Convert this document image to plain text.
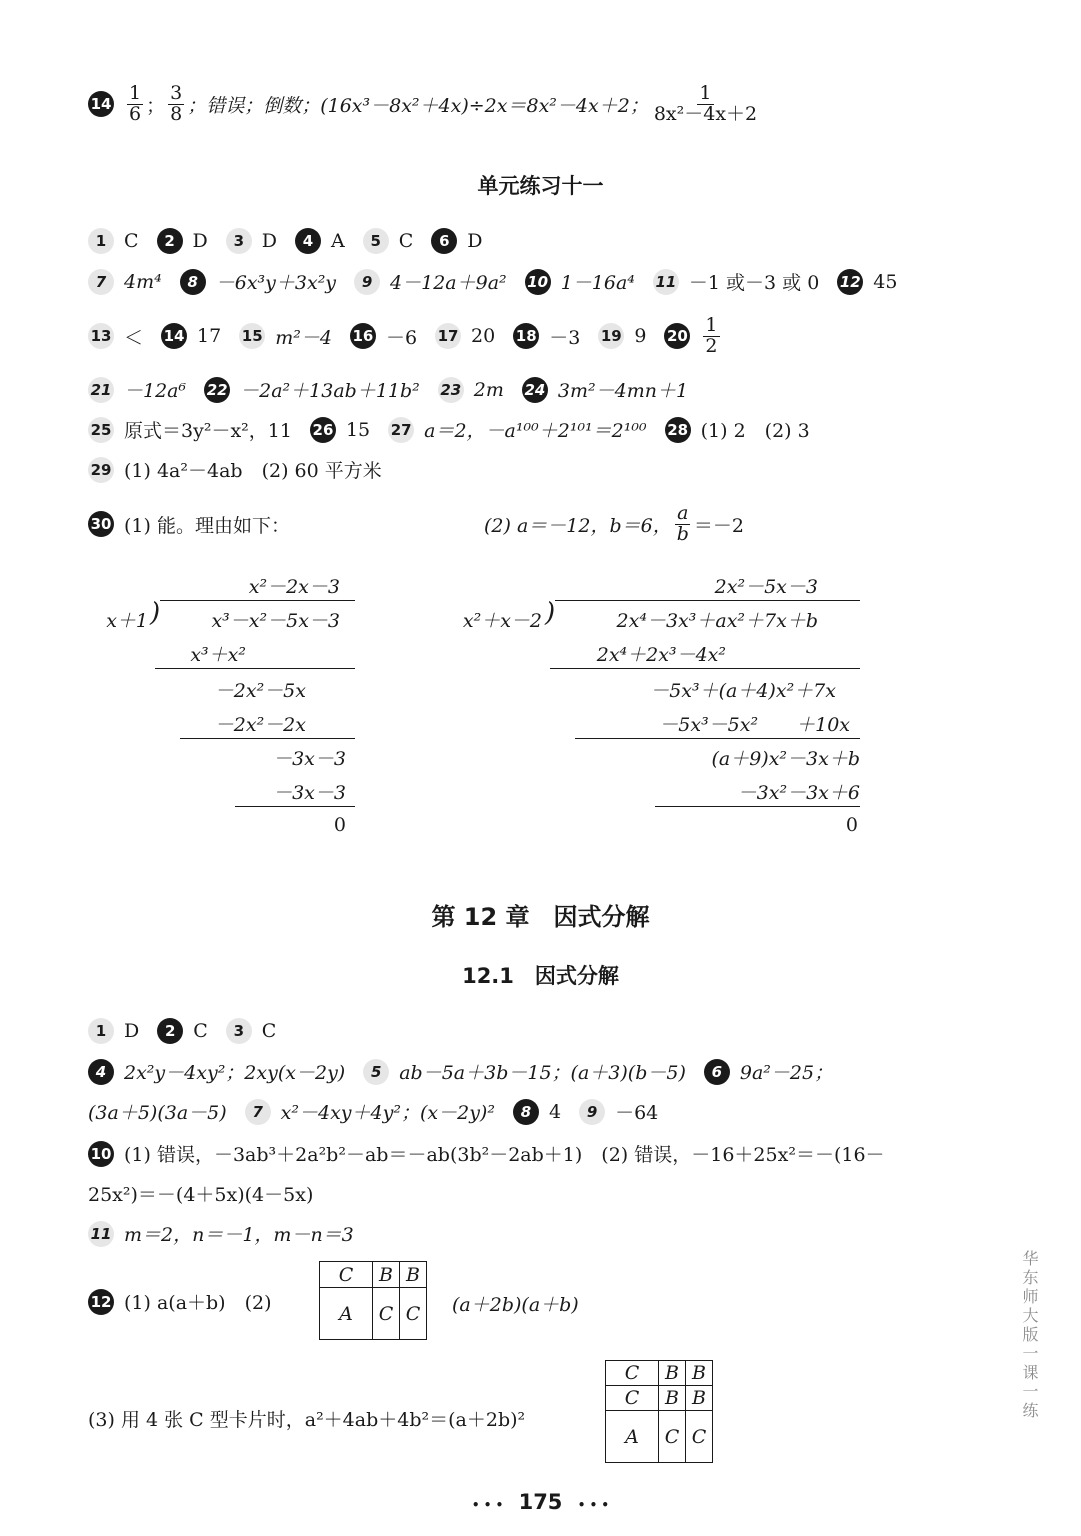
$14 \frac{1}{6}$ ； $\frac{3}{8}$ ；错误；倒数；(16x³－8x²＋4x)÷2x＝8x²－4x＋2； $\frac{1}{\text{8x²－4x＋2}}$
单元练习十一
1 C	2 D	3 D	4 A	5 C	6 D
7 4m⁴	8 －6x³y＋3x²y	9 4－12a＋9a² 10 1－16a⁴ 11 －1 或－3 或 0 12 45
13 ＜ 14 17 15 m²－4 16 －6 17 20 18 －3 19 9 $20 \frac{1}{2}$
21 －12a⁶ 22 －2a²＋13ab＋11b² 23 2m 24 3m²－4mn＋1
25 原式＝3y²－x²，11 26 15 27 a＝2，－a¹⁰⁰＋2¹⁰¹＝2¹⁰⁰ 28 (1) 2　(2) 3
29 (1) 4a²－4ab　(2) 60 平方米
30 (1) 能。理由如下：	(2) a＝－12，b＝6， $\frac{a}{b} =-2$
x²－2x－3
x＋1 )	x³－x²－5x－3
x³＋x²
－2x²－5x
－2x²－2x
－3x－3
－3x－3
0
2x²－5x－3
x²＋x－2 )	2x⁴－3x³＋ax²＋7x＋b
2x⁴＋2x³－4x²
－5x³＋(a＋4)x²＋7x
－5x³－5x²　　＋10x
(a＋9)x²－3x＋b
－3x²－3x＋6
0
第 12 章　因式分解
12.1　因式分解
1 D	2 C	3 C
4 2x²y－4xy²；2xy(x－2y)	5 ab－5a＋3b－15；(a＋3)(b－5)	6 9a²－25；
(3a＋5)(3a－5)	7 x²－4xy＋4y²；(x－2y)²	8 4	9 －64
10 (1) 错误，－3ab³＋2a²b²－ab＝－ab(3b²－2ab＋1)　(2) 错误，－16＋25x²＝－(16－
25x²)＝－(4＋5x)(4－5x)
11 m＝2，n＝－1，m－n＝3
12 (1) a(a＋b)　(2)
C	B	B
A	C	C (a＋2b)(a＋b)
(3) 用 4 张 C 型卡片时，a²＋4ab＋4b²＝(a＋2b)²
C	B	B
C	B	B
A	C	C
华东师大版一课一练
• • • 175 • • •
